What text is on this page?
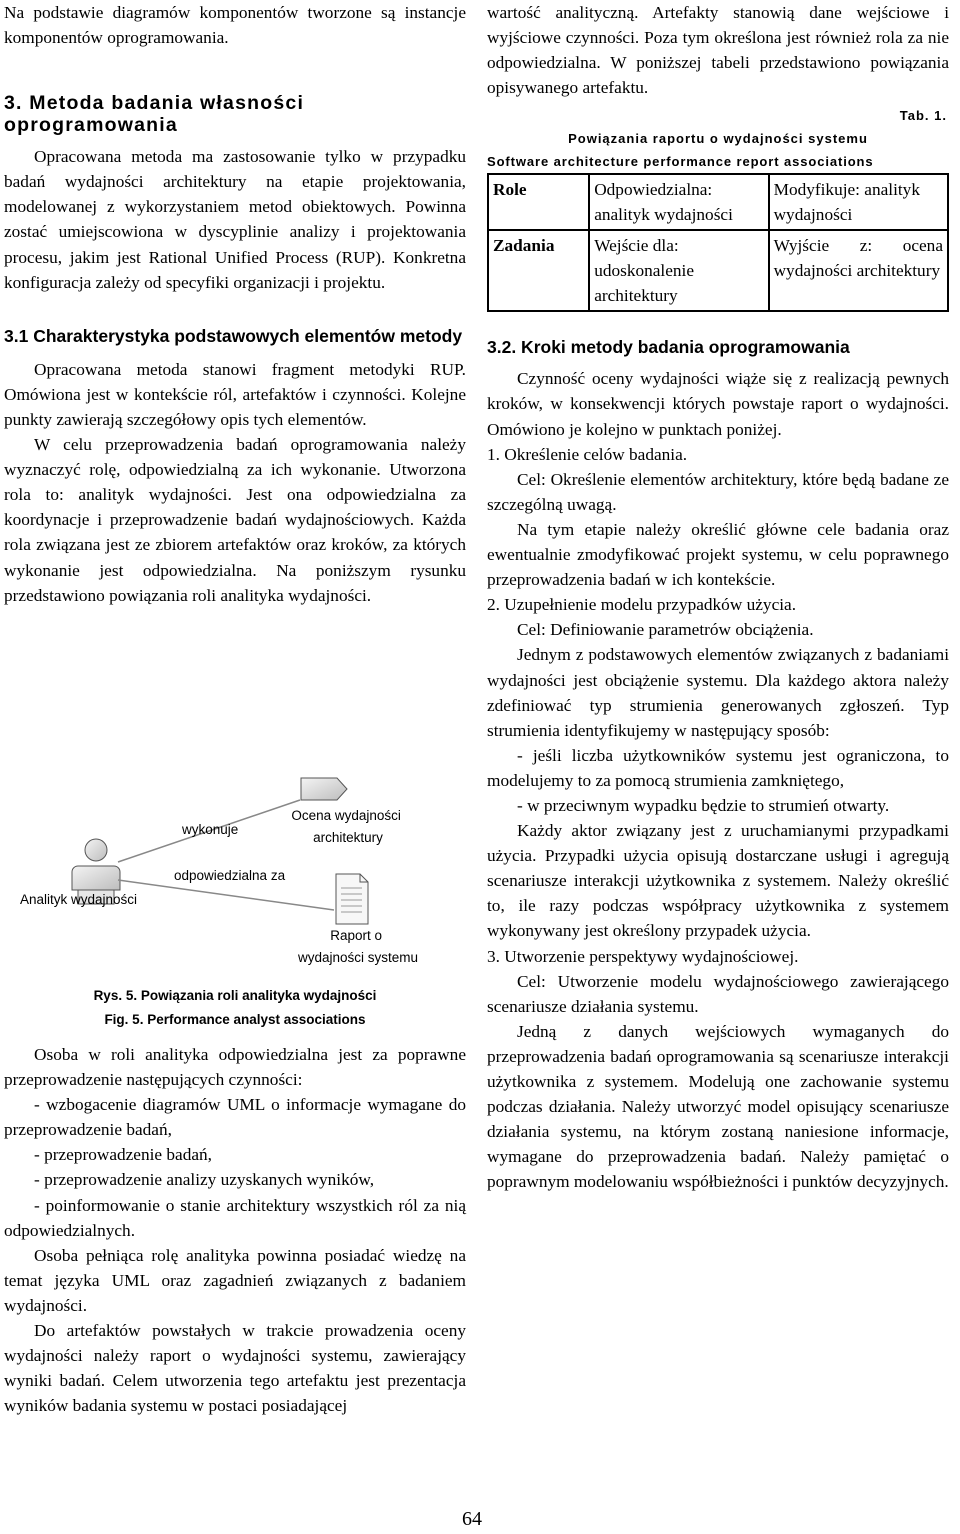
Na podstawie diagramów komponentów tworzone są instancje komponentów oprogramowania.

3. Metoda badania własności oprogramowania

Opracowana metoda ma zastosowanie tylko w przypadku badań wydajności architektury na etapie projektowania, modelowanej z wykorzystaniem metod obiektowych. Powinna zostać umiejscowiona w dyscyplinie analizy i projektowania procesu, jakim jest Rational Unified Process (RUP). Konkretna konfiguracja zależy od specyfiki organizacji i projektu.

3.1 Charakterystyka podstawowych elementów metody

Opracowana metoda stanowi fragment metodyki RUP. Omówiona jest w kontekście ról, artefaktów i czynności. Kolejne punkty zawierają szczegółowy opis tych elementów.

W celu przeprowadzenia badań oprogramowania należy wyznaczyć rolę, odpowiedzialną za ich wykonanie. Utworzona rola to: analityk wydajności. Jest ona odpowiedzialna za koordynacje i przeprowadzenie badań wydajnościowych. Każda rola związana jest ze zbiorem artefaktów oraz kroków, za których wykonanie jest odpowiedzialna. Na poniższym rysunku przedstawiono powiązania roli analityka wydajności.

Analityk wydajności
wykonuje
odpowiedzialna za
Ocena wydajności architektury
Raport o wydajności systemu

Rys. 5. Powiązania roli analityka wydajności

Fig. 5. Performance analyst associations

Osoba w roli analityka odpowiedzialna jest za poprawne przeprowadzenie następujących czynności:

- wzbogacenie diagramów UML o informacje wymagane do przeprowadzenie badań,

- przeprowadzenie badań,

- przeprowadzenie analizy uzyskanych wyników,

- poinformowanie o stanie architektury wszystkich ról za nią odpowiedzialnych.

Osoba pełniąca rolę analityka powinna posiadać wiedzę na temat języka UML oraz zagadnień związanych z badaniem wydajności.

Do artefaktów powstałych w trakcie prowadzenia oceny wydajności należy raport o wydajności systemu, zawierający wyniki badań. Celem utworzenia tego artefaktu jest prezentacja wyników badania systemu w postaci posiadającej

wartość analityczną. Artefakty stanowią dane wejściowe i wyjściowe czynności. Poza tym określona jest również rola za nie odpowiedzialna. W poniższej tabeli przedstawiono powiązania opisywanego artefaktu.

Tab. 1.

Powiązania raportu o wydajności systemu

Software architecture performance report associations

Role	Odpowiedzialna: analityk wydajności	Modyfikuje: analityk wydajności
Zadania	Wejście dla: udoskonalenie architektury	Wyjście z: ocena wydajności architektury
3.2. Kroki metody badania oprogramowania

Czynność oceny wydajności wiąże się z realizacją pewnych kroków, w konsekwencji których powstaje raport o wydajności. Omówiono je kolejno w punktach poniżej.

1. Określenie celów badania.

Cel: Określenie elementów architektury, które będą badane ze szczególną uwagą.

Na tym etapie należy określić główne cele badania oraz ewentualnie zmodyfikować projekt systemu, w celu poprawnego przeprowadzenia badań w ich kontekście.

2. Uzupełnienie modelu przypadków użycia.

Cel: Definiowanie parametrów obciążenia.

Jednym z podstawowych elementów związanych z badaniami wydajności jest obciążenie systemu. Dla każdego aktora należy zdefiniować typ strumienia generowanych zgłoszeń. Typ strumienia identyfikujemy w następujący sposób:

- jeśli liczba użytkowników systemu jest ograniczona, to modelujemy to za pomocą strumienia zamkniętego,

- w przeciwnym wypadku będzie to strumień otwarty.

Każdy aktor związany jest z uruchamianymi przypadkami użycia. Przypadki użycia opisują dostarczane usługi i agregują scenariusze interakcji użytkownika z systemem. Należy określić to, ile razy podczas współpracy użytkownika z systemem wykonywany jest określony przypadek użycia.

3. Utworzenie perspektywy wydajnościowej.

Cel: Utworzenie modelu wydajnościowego zawierającego scenariusze działania systemu.

Jedną z danych wejściowych wymaganych do przeprowadzenia badań oprogramowania są scenariusze interakcji użytkownika z systemem. Modelują one zachowanie systemu podczas działania. Należy utworzyć model opisujący scenariusze działania systemu, na którym zostaną naniesione informacje, wymagane do przeprowadzenia badań. Należy pamiętać o poprawnym modelowaniu współbieżności i punktów decyzyjnych.

64
